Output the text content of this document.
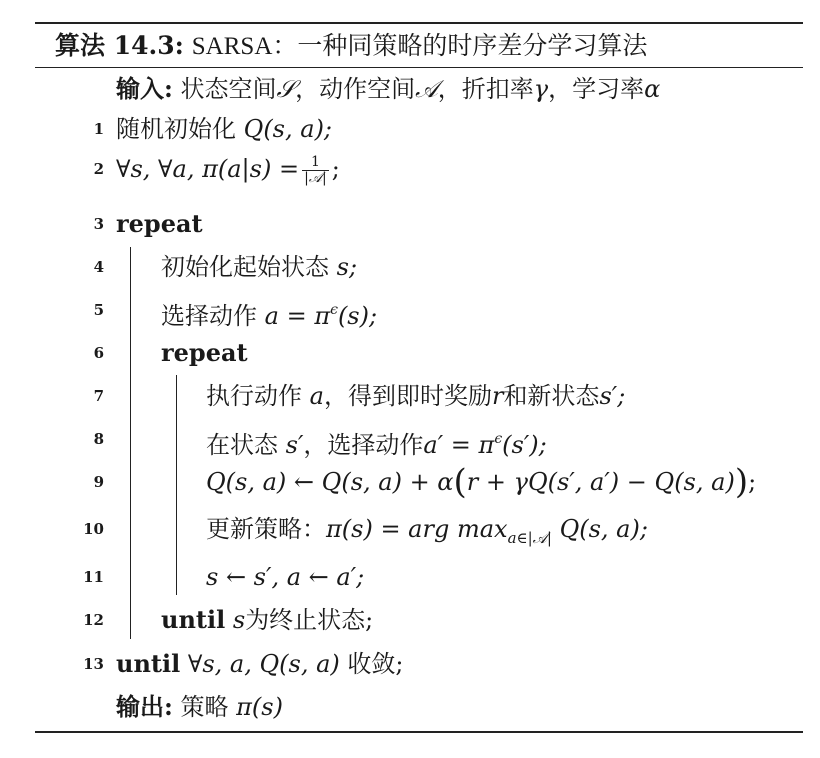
算法 14.3: SARSA：一种同策略的时序差分学习算法
输入: 状态空间𝒮，动作空间𝒜，折扣率γ，学习率α
1 随机初始化 Q(s, a);
2 ∀s, ∀a, $\pi(a|s) = \frac{1}{\text{|𝒜|}}$ ;
3 repeat
4 初始化起始状态 s;
5 选择动作 $a = \pi^\epsilon(s)$;
6 repeat
7	执行动作 a，得到即时奖励r和新状态s′;
8	在状态 s′，选择动作$a' = \pi^\epsilon(s')$;
9	Q(s, a) ← Q(s, a) + α(r + γQ(s′, a′) − Q(s, a));
10	更新策略：π(s) = arg $\max_{a\in|𝒜|} Q(s$, a);
11	s ← s′, a ← a′;
12 until s为终止状态;
13 until ∀s, a, Q(s, a) 收敛;
输出: 策略 π(s)
